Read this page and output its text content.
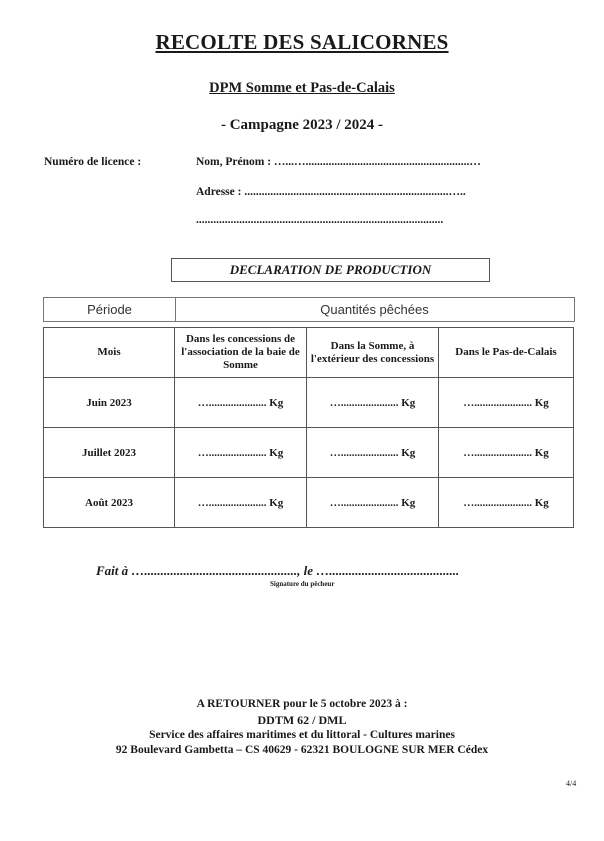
RECOLTE DES SALICORNES
DPM Somme et Pas-de-Calais
- Campagne 2023 / 2024 -
Numéro de licence :	Nom, Prénom : …...….........................................................…
Adresse : .......................................................................…..
......................................................................................
DECLARATION DE PRODUCTION
Période	Quantités pêchées
Mois	Dans les concessions de l'association de la baie de Somme	Dans la Somme, à l'extérieur des concessions	Dans le Pas-de-Calais
Juin 2023	…..................... Kg	…..................... Kg	…..................... Kg
Juillet 2023	…..................... Kg	…..................... Kg	…..................... Kg
Août 2023	…..................... Kg	…..................... Kg	…..................... Kg
Fait à …..............................................., le …........................................
Signature du pêcheur
A RETOURNER pour le 5 octobre 2023 à :
DDTM 62 / DML
Service des affaires maritimes et du littoral - Cultures marines
92 Boulevard Gambetta – CS 40629 - 62321 BOULOGNE SUR MER Cédex
4/4
